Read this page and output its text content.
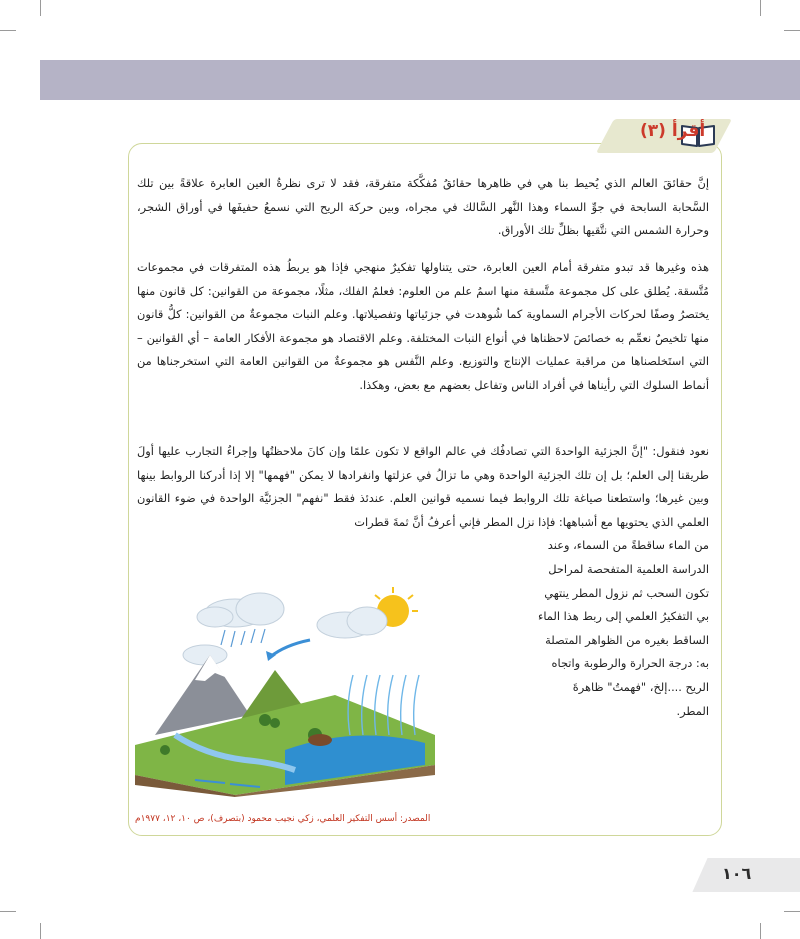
أقرأ (٣)
إنَّ حقائقَ العالم الذي يُحيط بنا هي في ظاهرها حقائقُ مُفكَّكة متفرقة، فقد لا ترى نظرةُ العين العابرة علاقةً بين تلك السَّحابة السابحة في جوِّ السماء وهذا النَّهر السَّالك في مجراه، وبين حركة الريح التي نسمعُ حفيفَها في أوراق الشجر، وحرارة الشمس التي نتَّقيها بظلِّ تلك الأوراق.
هذه وغيرها قد تبدو متفرقة أمام العين العابرة، حتى يتناولها تفكيرٌ منهجي فإذا هو يربطُ هذه المتفرقات في مجموعات مُتَّسقة. يُطلق على كل مجموعة متَّسقة منها اسمُ علم من العلوم: فعلمُ الفلك، مثلًا، مجموعة من القوانين: كل قانون منها يختصرُ وصفًا لحركات الأجرام السماوية كما شُوهدت في جزئياتها وتفصيلاتها. وعلم النبات مجموعةٌ من القوانين: كلُّ قانون منها تلخيصٌ نعمِّم به خصائصَ لاحظناها في أنواع النبات المختلفة. وعلم الاقتصاد هو مجموعة الأفكار العامة – أي القوانين – التي استَخلصناها من مراقبة عمليات الإنتاج والتوزيع. وعلم النَّفس هو مجموعةٌ من القوانين العامة التي استخرجناها من أنماط السلوك التي رأيناها في أفراد الناس وتفاعل بعضهم مع بعض، وهكذا.
نعود فنقول: "إنَّ الجزئية الواحدةَ التي تصادفُك في عالم الواقع لا تكون علمًا وإن كانَ ملاحظتُها وإجراءُ التجارب عليها أولَ طريقنا إلى العلم؛ بل إن تلك الجزئية الواحدة وهي ما تزالُ في عزلتها وانفرادها لا يمكن "فهمها" إلا إذا أدركنا الروابط بينها وبين غيرها؛ واستطعنا صياغة تلك الروابط فيما نسميه قوانين العلم. عندئذ فقط "نفهم" الجزئيَّة الواحدة في ضوء القانون العلمي الذي يحتويها مع أشباهها: فإذا نزل المطر فإني أعرفُ أنَّ ثمةَ قطرات
من الماء ساقطةً من السماء، وعند
الدراسة العلمية المتفحصة لمراحل
تكون السحب ثم نزول المطر ينتهي
بي التفكيرُ العلمي إلى ربط هذا الماء
الساقط بغيره من الظواهر المتصلة
به: درجة الحرارة والرطوبة واتجاه
الريح ....إلخ، "فهمتُ" ظاهرةَ
المطر.
المصدر: أسس التفكير العلمي، زكي نجيب محمود (بتصرف)، ص ١٠، ١٢، ١٩٧٧م
١٠٦
